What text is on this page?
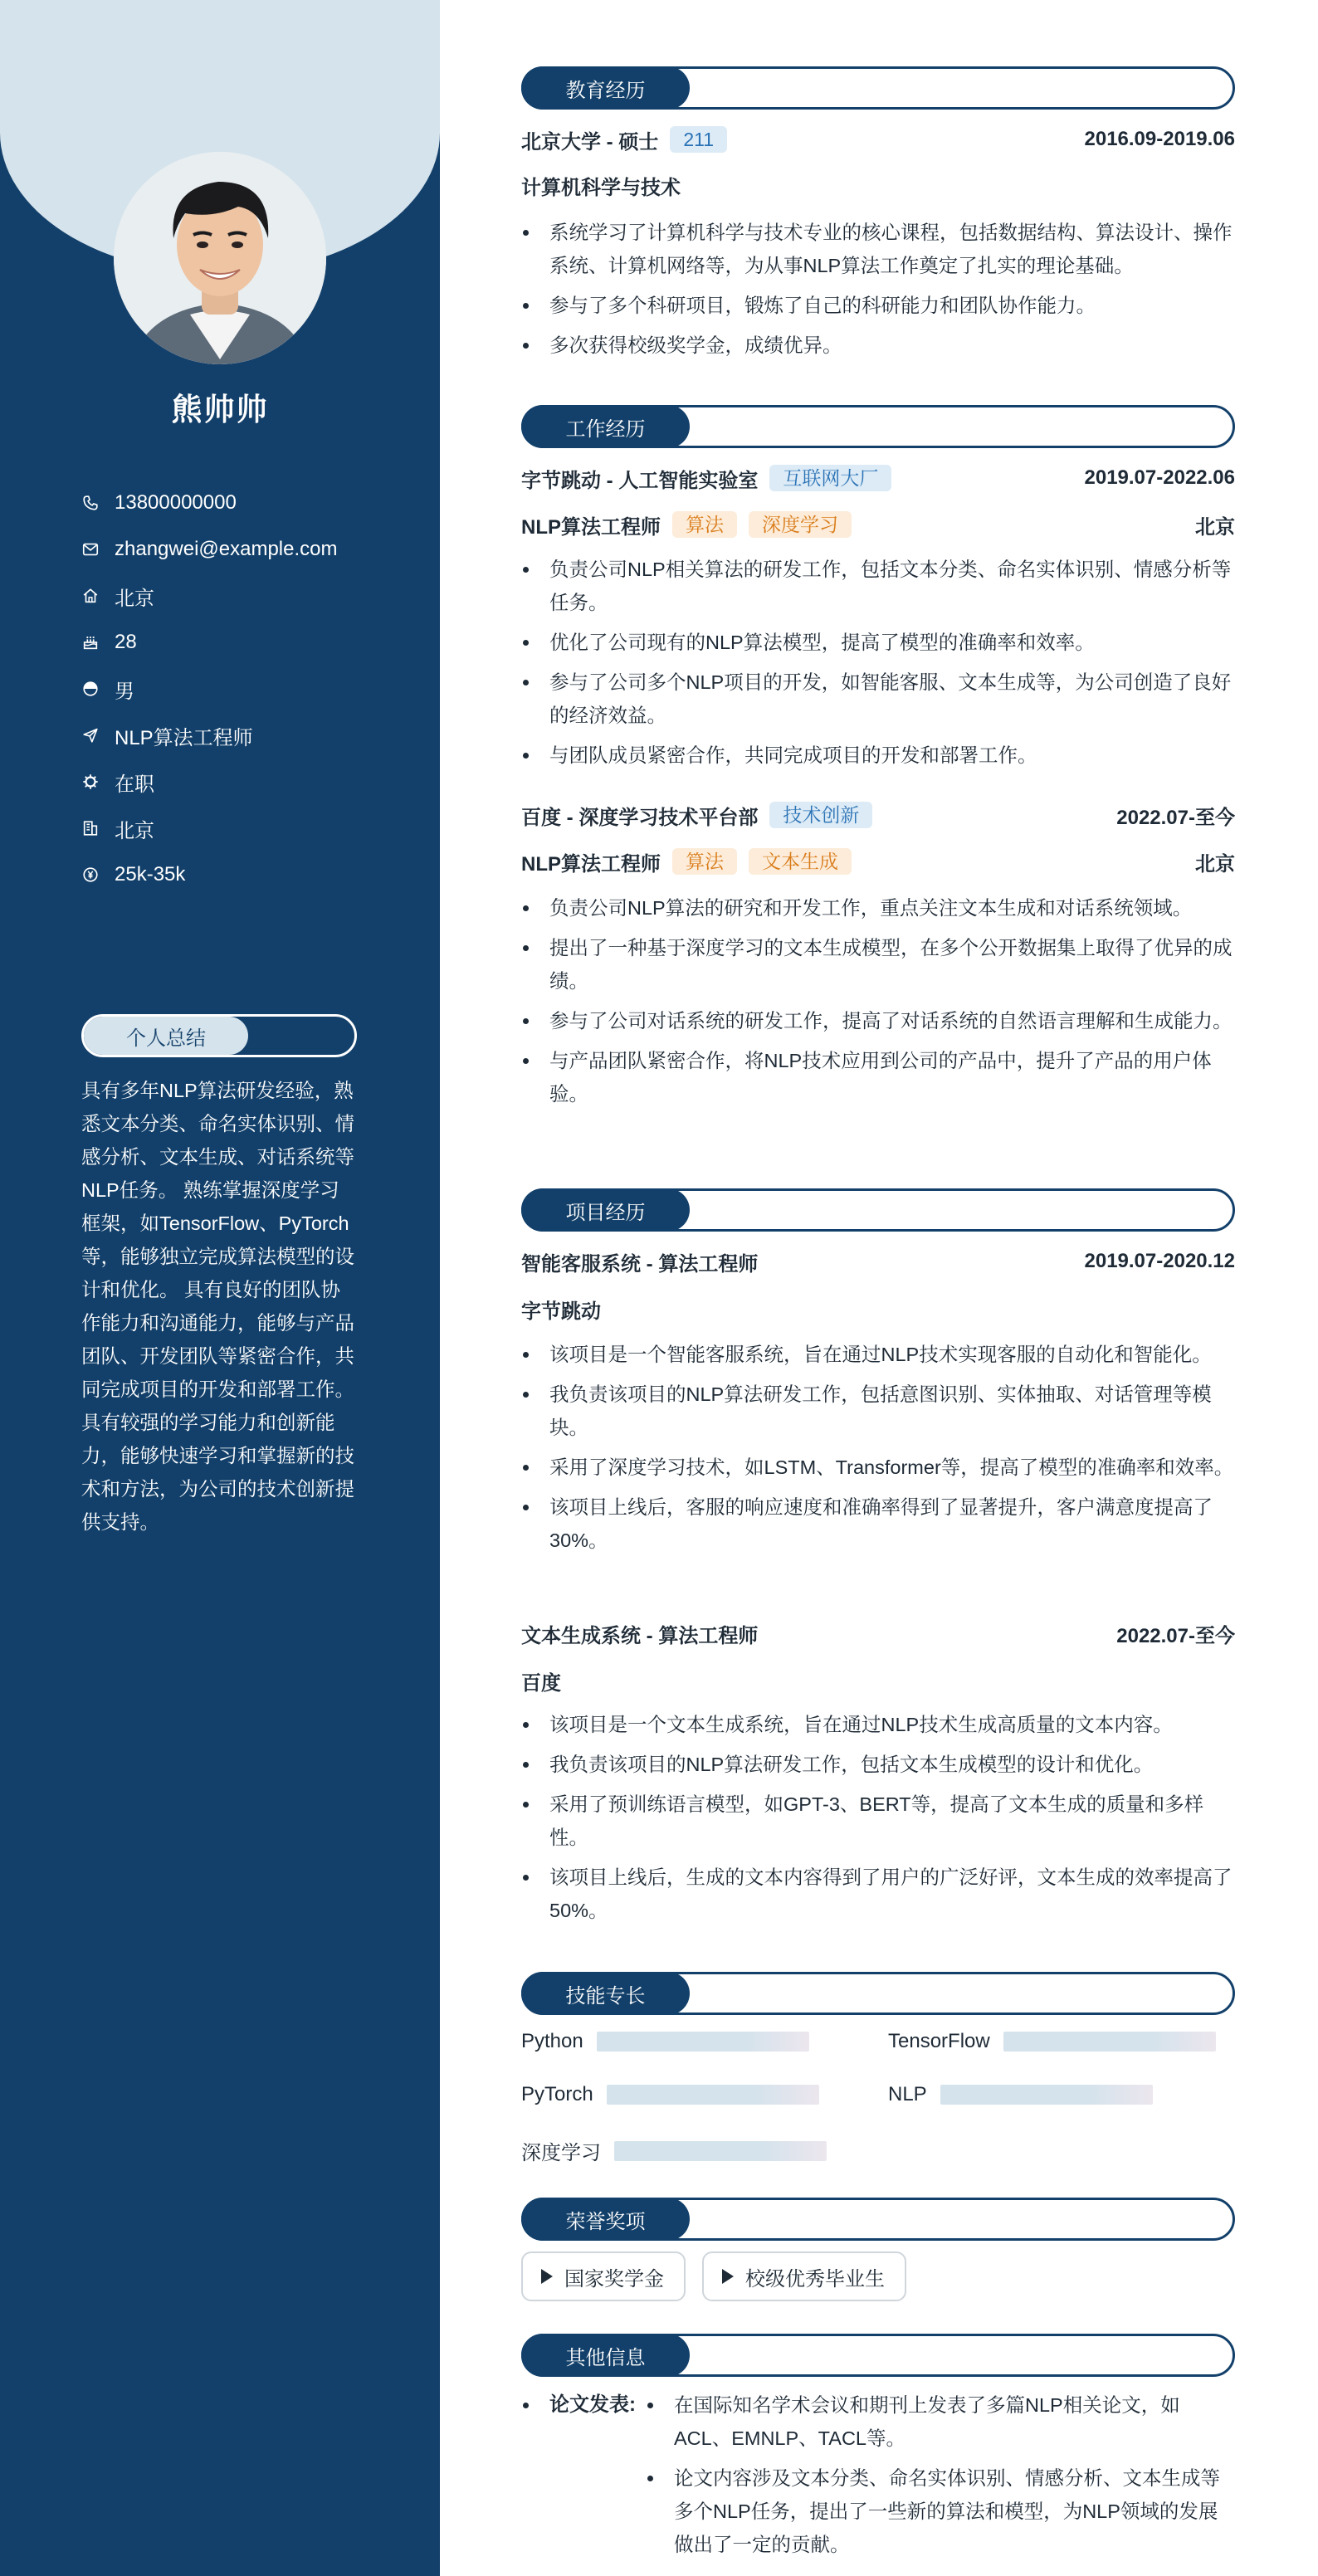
熊帅帅
13800000000
zhangwei@example.com
北京
28
男
NLP算法工程师
在职
北京
25k-35k
个人总结
具有多年NLP算法研发经验，熟悉文本分类、命名实体识别、情感分析、文本生成、对话系统等NLP任务。 熟练掌握深度学习框架，如TensorFlow、PyTorch等，能够独立完成算法模型的设计和优化。 具有良好的团队协作能力和沟通能力，能够与产品团队、开发团队等紧密合作，共同完成项目的开发和部署工作。 具有较强的学习能力和创新能力，能够快速学习和掌握新的技术和方法，为公司的技术创新提供支持。
教育经历
北京大学 - 硕士	211	2016.09-2019.06
计算机科学与技术
系统学习了计算机科学与技术专业的核心课程，包括数据结构、算法设计、操作系统、计算机网络等，为从事NLP算法工作奠定了扎实的理论基础。
参与了多个科研项目，锻炼了自己的科研能力和团队协作能力。
多次获得校级奖学金，成绩优异。
工作经历
字节跳动 - 人工智能实验室	互联网大厂	2019.07-2022.06
NLP算法工程师	算法	深度学习	北京
负责公司NLP相关算法的研发工作，包括文本分类、命名实体识别、情感分析等任务。
优化了公司现有的NLP算法模型，提高了模型的准确率和效率。
参与了公司多个NLP项目的开发，如智能客服、文本生成等，为公司创造了良好的经济效益。
与团队成员紧密合作，共同完成项目的开发和部署工作。
百度 - 深度学习技术平台部	技术创新	2022.07-至今
NLP算法工程师	算法	文本生成	北京
负责公司NLP算法的研究和开发工作，重点关注文本生成和对话系统领域。
提出了一种基于深度学习的文本生成模型，在多个公开数据集上取得了优异的成绩。
参与了公司对话系统的研发工作，提高了对话系统的自然语言理解和生成能力。
与产品团队紧密合作，将NLP技术应用到公司的产品中，提升了产品的用户体验。
项目经历
智能客服系统 - 算法工程师	2019.07-2020.12
字节跳动
该项目是一个智能客服系统，旨在通过NLP技术实现客服的自动化和智能化。
我负责该项目的NLP算法研发工作，包括意图识别、实体抽取、对话管理等模块。
采用了深度学习技术，如LSTM、Transformer等，提高了模型的准确率和效率。
该项目上线后，客服的响应速度和准确率得到了显著提升，客户满意度提高了30%。
文本生成系统 - 算法工程师	2022.07-至今
百度
该项目是一个文本生成系统，旨在通过NLP技术生成高质量的文本内容。
我负责该项目的NLP算法研发工作，包括文本生成模型的设计和优化。
采用了预训练语言模型，如GPT-3、BERT等，提高了文本生成的质量和多样性。
该项目上线后，生成的文本内容得到了用户的广泛好评，文本生成的效率提高了50%。
技能专长
Python	TensorFlow
PyTorch	NLP
深度学习
荣誉奖项
国家奖学金	校级优秀毕业生
其他信息
论文发表:	在国际知名学术会议和期刊上发表了多篇NLP相关论文，如ACL、EMNLP、TACL等。
论文内容涉及文本分类、命名实体识别、情感分析、文本生成等多个NLP任务，提出了一些新的算法和模型，为NLP领域的发展做出了一定的贡献。
